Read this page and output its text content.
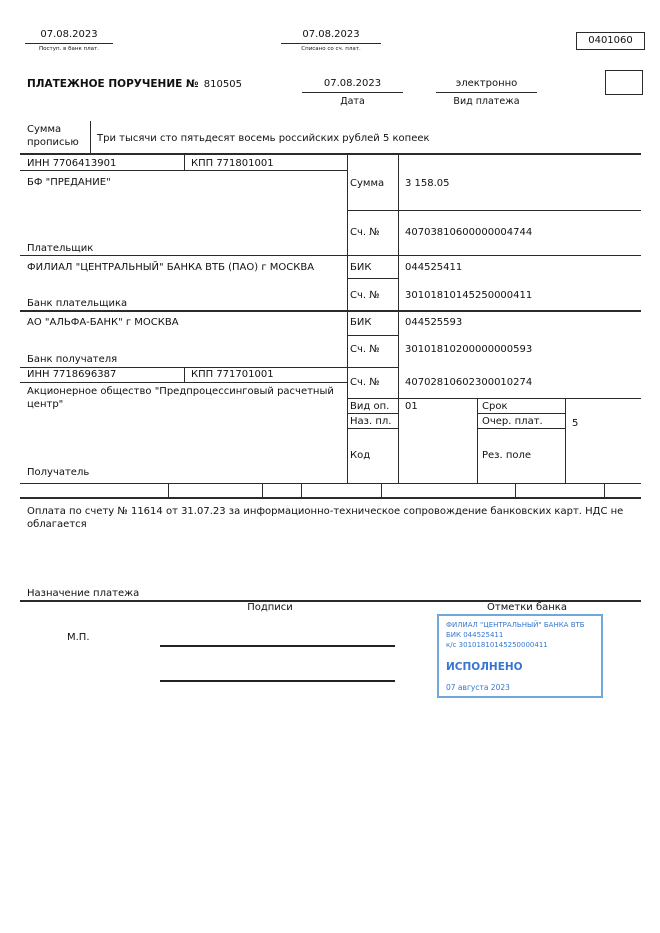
07.08.2023
Поступ. в банк плат.
07.08.2023
Списано со сч. плат.
0401060
ПЛАТЕЖНОЕ ПОРУЧЕНИЕ № 810505	07.08.2023
Дата
электронно
Вид платежа
Сумма прописью	Три тысячи сто пятьдесят восемь российских рублей 5 копеек
ИНН 7706413901	КПП 771801001
БФ "ПРЕДАНИЕ"
Плательщик
Сумма 3 158.05
Сч. №	40703810600000004744
ФИЛИАЛ "ЦЕНТРАЛЬНЫЙ" БАНКА ВТБ (ПАО) г МОСКВА
Банк плательщика
БИК	044525411
Сч. №	30101810145250000411
АО "АЛЬФА-БАНК" г МОСКВА
Банк получателя
БИК	044525593
Сч. №	30101810200000000593
ИНН 7718696387	КПП 771701001
Акционерное общество "Предпроцессинговый расчетный центр"
Получатель
Сч. №	40702810602300010274
Вид оп. 01	Срок
Наз. пл.	Очер. плат.	5
Код	Рез. поле
Оплата по счету № 11614 от 31.07.23 за информационно-техническое сопровождение банковских карт. НДС не облагается
Назначение платежа
Подписи	Отметки банка
М.П.
ФИЛИАЛ "ЦЕНТРАЛЬНЫЙ" БАНКА ВТБ
БИК 044525411
к/с 30101810145250000411
ИСПОЛНЕНО
07 августа 2023
